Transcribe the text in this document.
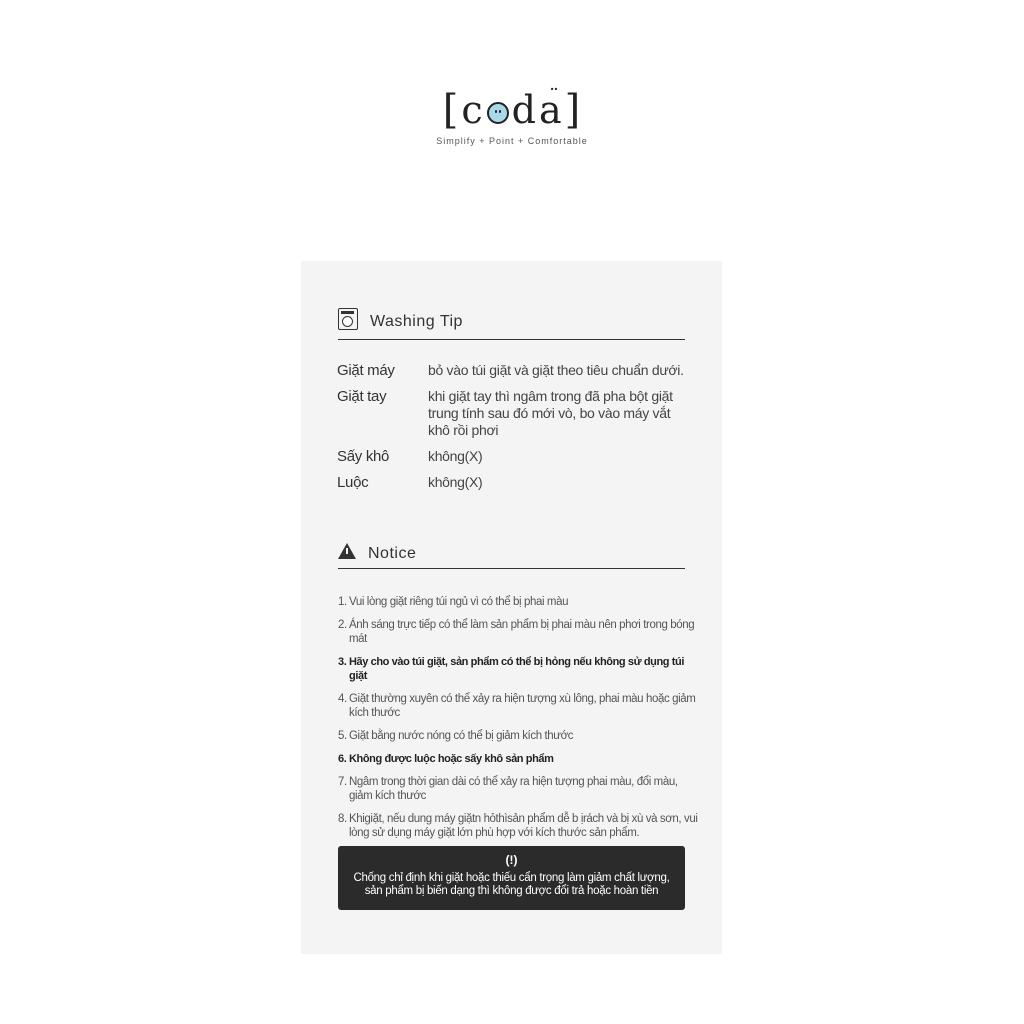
[ c d a ¨ ]
Simplify + Point + Comfortable
Washing Tip
Giặt máy	bỏ vào túi giặt và giặt theo tiêu chuẩn dưới.
Giặt tay	khi giặt tay thì ngâm trong đã pha bột giặt trung tính sau đó mới vò, bo vào máy vắt khô rồi phơi
Sấy khô	không(X)
Luộc	không(X)
Notice
1. Vui lòng giặt riêng túi ngủ vì có thể bị phai màu
2. Ánh sáng trực tiếp có thể làm sản phẩm bị phai màu nên phơi trong bóng mát
3. Hãy cho vào túi giặt, sản phẩm có thể bị hỏng nếu không sử dụng túi giặt
4. Giặt thường xuyên có thể xảy ra hiện tượng xù lông, phai màu hoặc giảm kích thước
5. Giặt bằng nước nóng có thể bị giảm kích thước
6. Không được luộc hoặc sấy khô sản phẩm
7. Ngâm trong thời gian dài có thể xảy ra hiện tượng phai màu, đổi màu, giảm kích thước
8. Khigiặt, nếu dung máy giặtn hỏthìsản phẩm dễ b ịrách và bị xù và sơn, vui lòng sử dụng máy giặt lớn phù hợp với kích thước sản phẩm.
(!)
Chống chỉ định khi giặt hoặc thiếu cẩn trọng làm giảm chất lượng,
sản phẩm bị biến dạng thì không được đổi trả hoặc hoàn tiền
